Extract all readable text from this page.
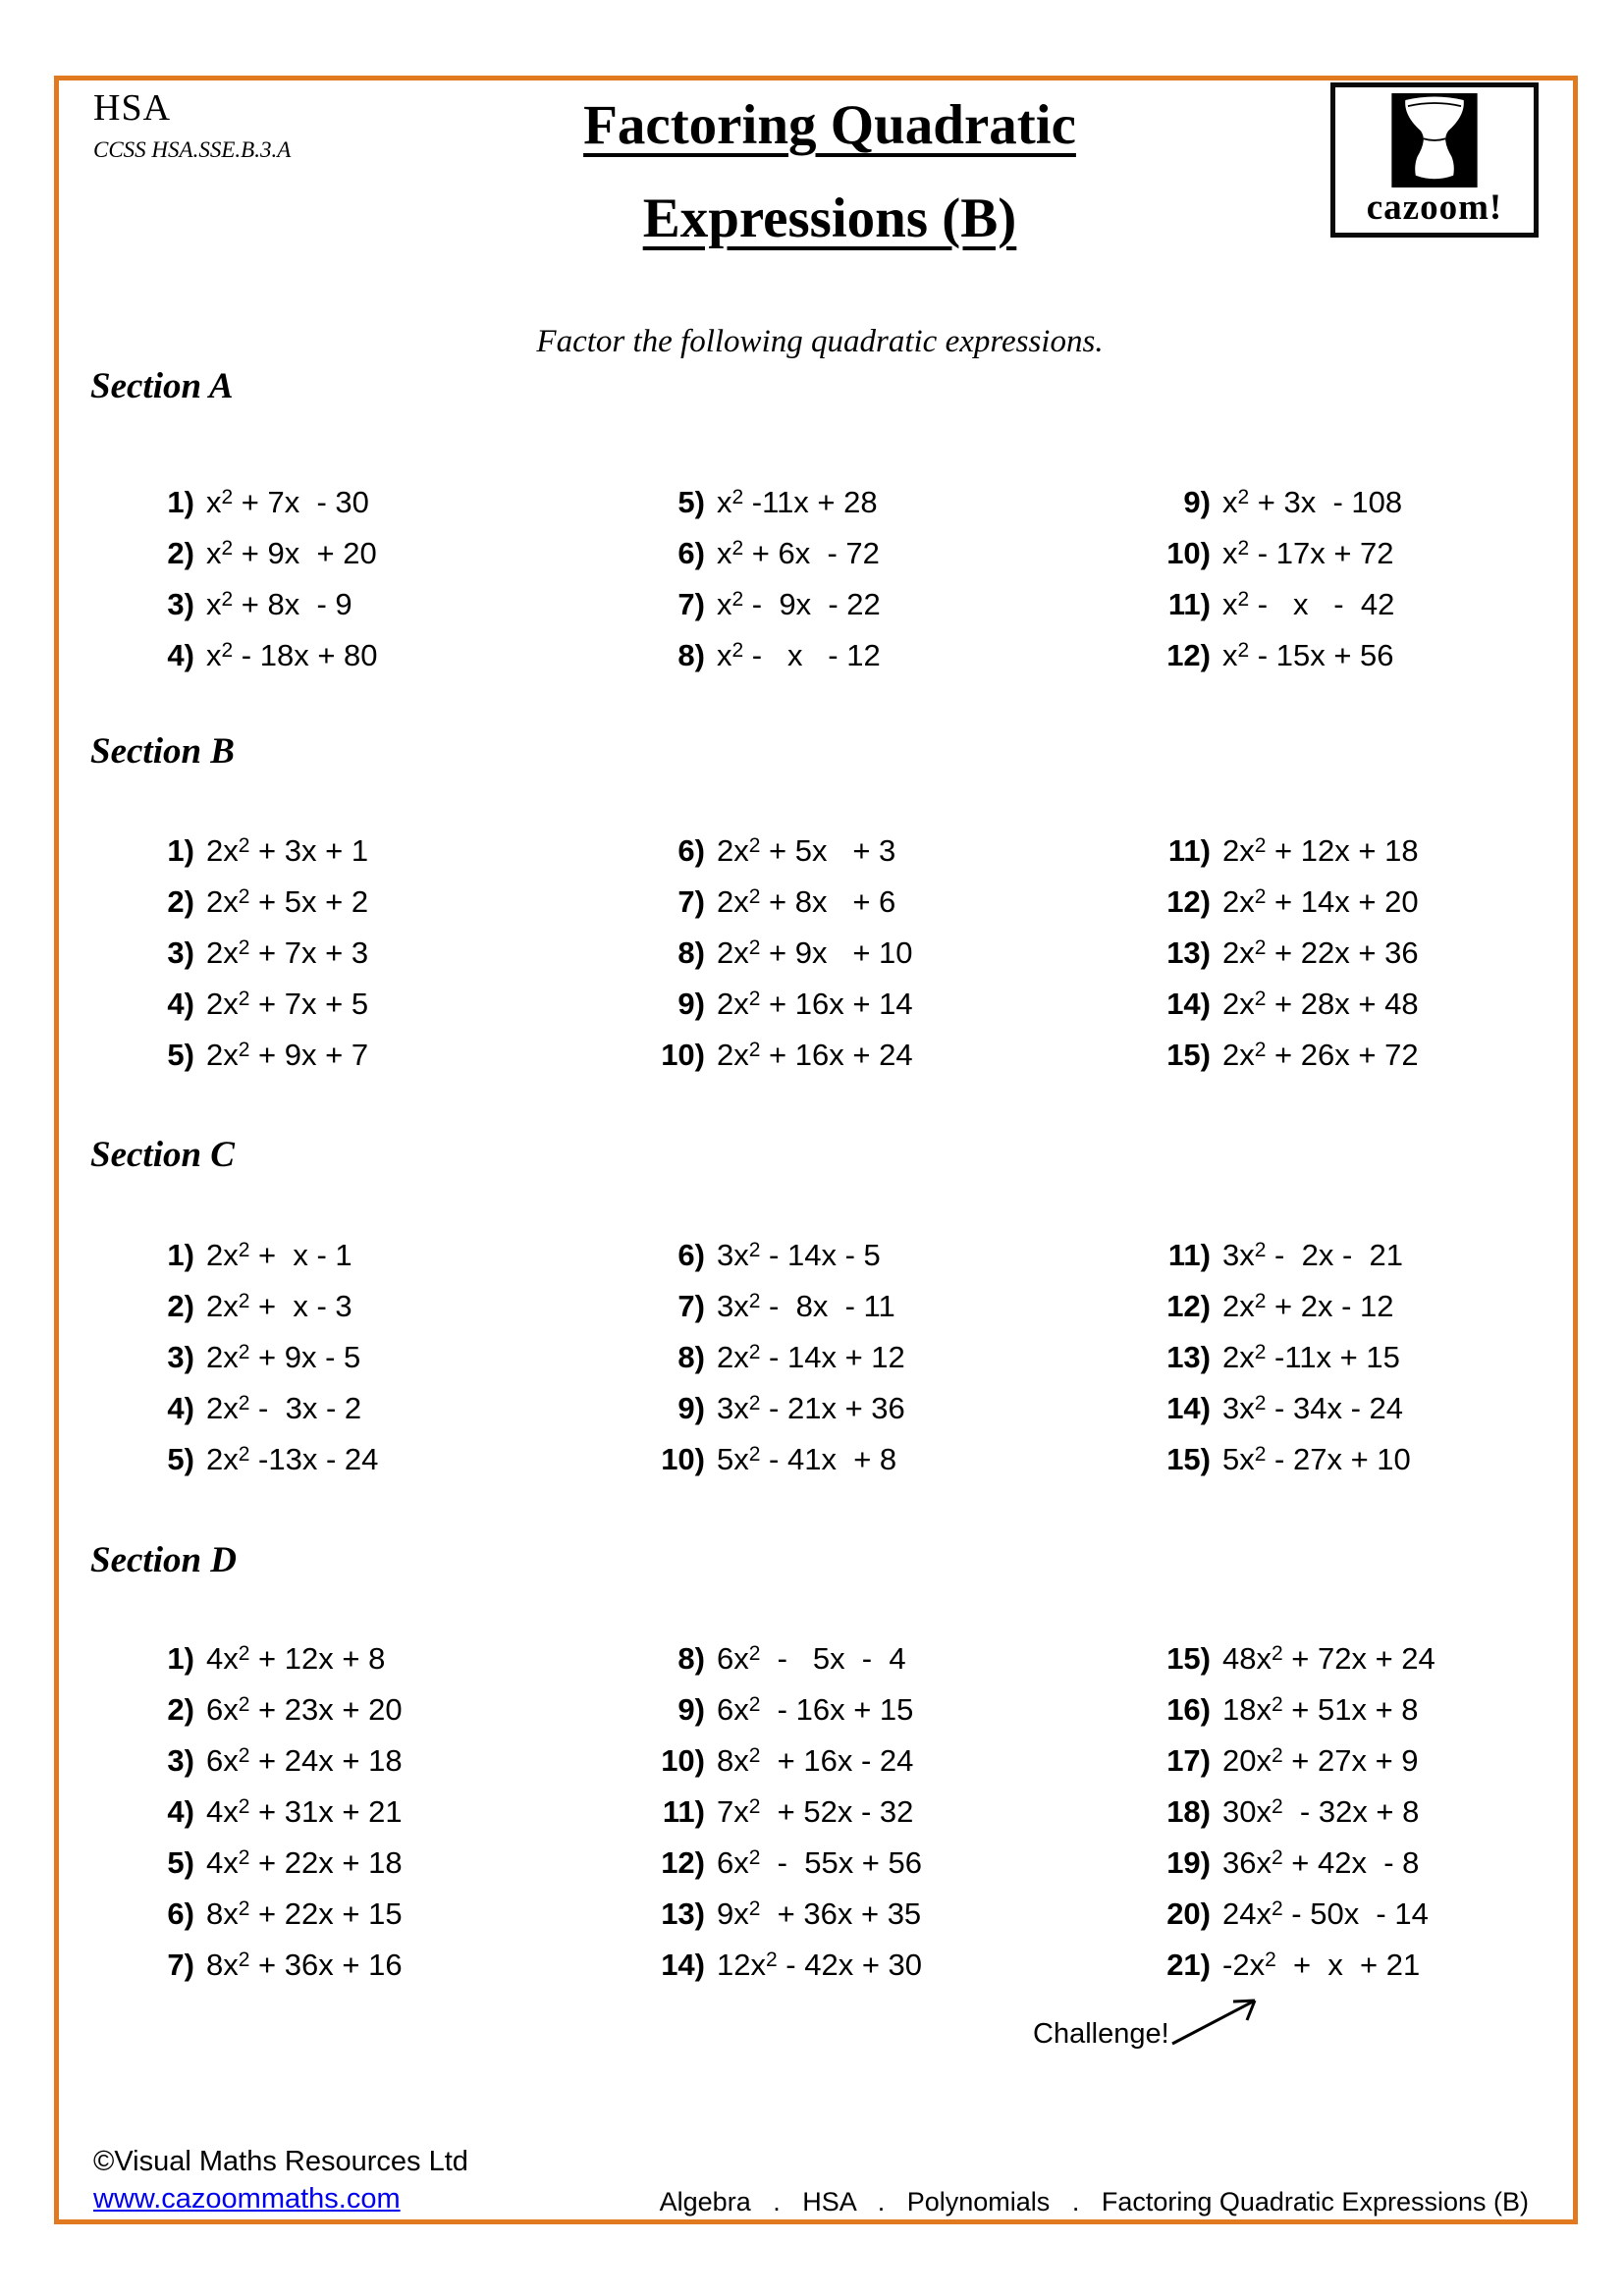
HSA
CCSS HSA.SSE.B.3.A	Factoring Quadratic
Expressions (B)	cazoom!
Factor the following quadratic expressions.
Section A
1) $x^2 + 7x - 30$
2) $x^2 + 9x + 20$
3) $x^2 + 8x - 9$
4) $x^2 - 18x + 80$
5) $x^2$ -11x + 28
6) $x^2 + 6x - 72$
7) $x^2 - 9x - 22$
8) $x^2$ -   x   - 12
9) $x^2 + 3x - 108$
10) $x^2 - 17x + 72$
11) $x^2$ -   x   -  42
12) $x^2 - 15x + 56$
Section B
1) $2x^2 + 3x + 1$
2) $2x^2 + 5x + 2$
3) $2x^2 + 7x + 3$
4) $2x^2 + 7x + 5$
5) $2x^2 + 9x + 7$
6) $2x^2 + 5x + 3$
7) $2x^2 + 8x + 6$
8) $2x^2 + 9x + 10$
9) $2x^2 + 16x + 14$
10) $2x^2 + 16x + 24$
11) $2x^2 + 12x + 18$
12) $2x^2 + 14x + 20$
13) $2x^2 + 22x + 36$
14) $2x^2 + 28x + 48$
15) $2x^2 + 26x + 72$
Section C
1) $2x^2 + x - 1$
2) $2x^2 + x - 3$
3) $2x^2 + 9x - 5$
4) $2x^2 - 3x - 2$
5) $2x^2$ -13x - 24
6) $3x^2 - 14x - 5$
7) $3x^2 - 8x - 11$
8) $2x^2 - 14x + 12$
9) $3x^2 - 21x + 36$
10) $5x^2 - 41x + 8$
11) $3x^2 - 2x - 21$
12) $2x^2 + 2x - 12$
13) $2x^2$ -11x + 15
14) $3x^2 - 34x - 24$
15) $5x^2 - 27x + 10$
Section D
1) $4x^2 + 12x + 8$
2) $6x^2 + 23x + 20$
3) $6x^2 + 24x + 18$
4) $4x^2 + 31x + 21$
5) $4x^2 + 22x + 18$
6) $8x^2 + 22x + 15$
7) $8x^2 + 36x + 16$
8) $6x^2 - 5x - 4$
9) $6x^2 - 16x + 15$
10) $8x^2 + 16x - 24$
11) $7x^2 + 52x - 32$
12) $6x^2 - 55x + 56$
13) $9x^2 + 36x + 35$
14) $12x^2 - 42x + 30$
15) $48x^2 + 72x + 24$
16) $18x^2 + 51x + 8$
17) $20x^2 + 27x + 9$
18) $30x^2 - 32x + 8$
19) $36x^2 + 42x - 8$
20) $24x^2 - 50x - 14$
21) $-2x^2 + x + 21$
Challenge!
©Visual Maths Resources Ltd
www.cazoommaths.com	Algebra   .   HSA   .   Polynomials   .   Factoring Quadratic Expressions (B)
